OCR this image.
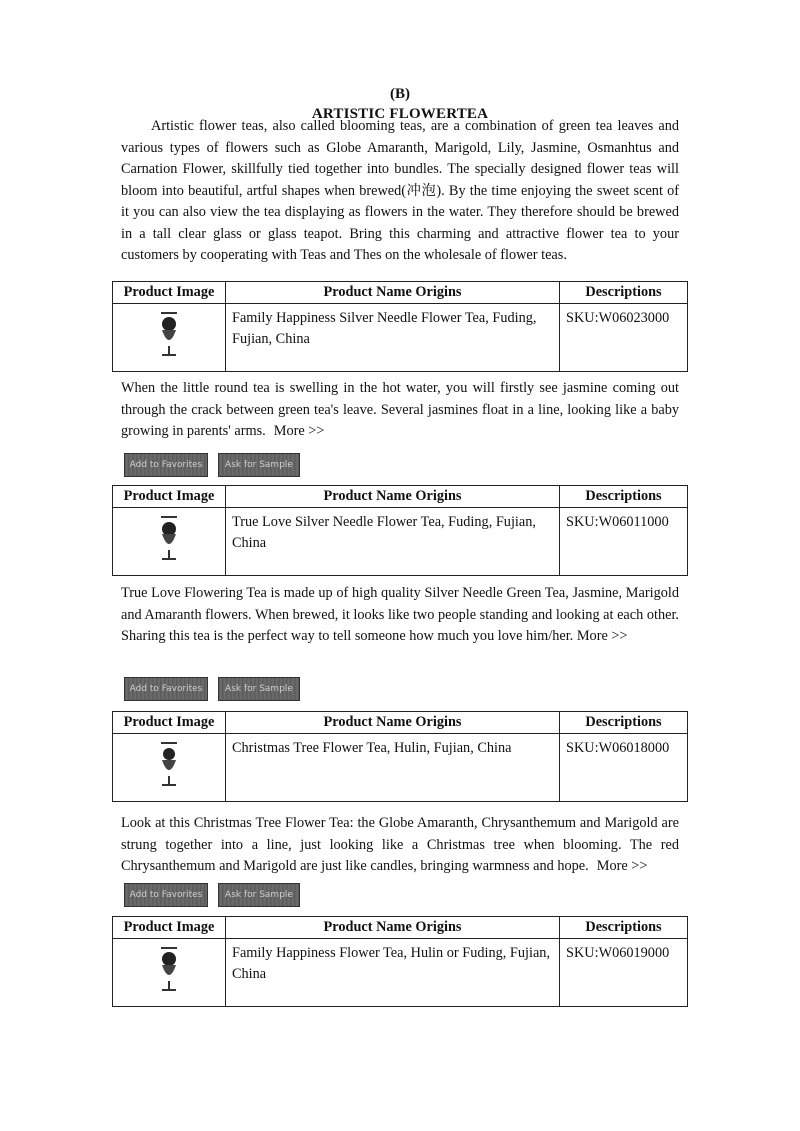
(B)
ARTISTIC FLOWERTEA

Artistic flower teas, also called blooming teas, are a combination of green tea leaves and various types of flowers such as Globe Amaranth, Marigold, Lily, Jasmine, Osmanhtus and Carnation Flower, skillfully tied together into bundles. The specially designed flower teas will bloom into beautiful, artful shapes when brewed(冲泡). By the time enjoying the sweet scent of it you can also view the tea displaying as flowers in the water. They therefore should be brewed in a tall clear glass or glass teapot. Bring this charming and attractive flower tea to your customers by cooperating with Teas and Thes on the wholesale of flower teas.

Product Image	Product Name Origins	Descriptions
	Family Happiness Silver Needle Flower Tea, Fuding, Fujian, China	SKU:W06023000

When the little round tea is swelling in the hot water, you will firstly see jasmine coming out through the crack between green tea's leave. Several jasmines float in a line, looking like a baby growing in parents' arms. More >>

Add to Favorites	Ask for Sample
Product Image	Product Name Origins	Descriptions
	True Love Silver Needle Flower Tea, Fuding, Fujian, China	SKU:W06011000

True Love Flowering Tea is made up of high quality Silver Needle Green Tea, Jasmine, Marigold and Amaranth flowers. When brewed, it looks like two people standing and looking at each other. Sharing this tea is the perfect way to tell someone how much you love him/her. More >>

Add to Favorites	Ask for Sample
Product Image	Product Name Origins	Descriptions
	Christmas Tree Flower Tea, Hulin, Fujian, China	SKU:W06018000

Look at this Christmas Tree Flower Tea: the Globe Amaranth, Chrysanthemum and Marigold are strung together into a line, just looking like a Christmas tree when blooming. The red Chrysanthemum and Marigold are just like candles, bringing warmness and hope. More >>

Add to Favorites	Ask for Sample
Product Image	Product Name Origins	Descriptions
	Family Happiness Flower Tea, Hulin or Fuding, Fujian, China	SKU:W06019000
